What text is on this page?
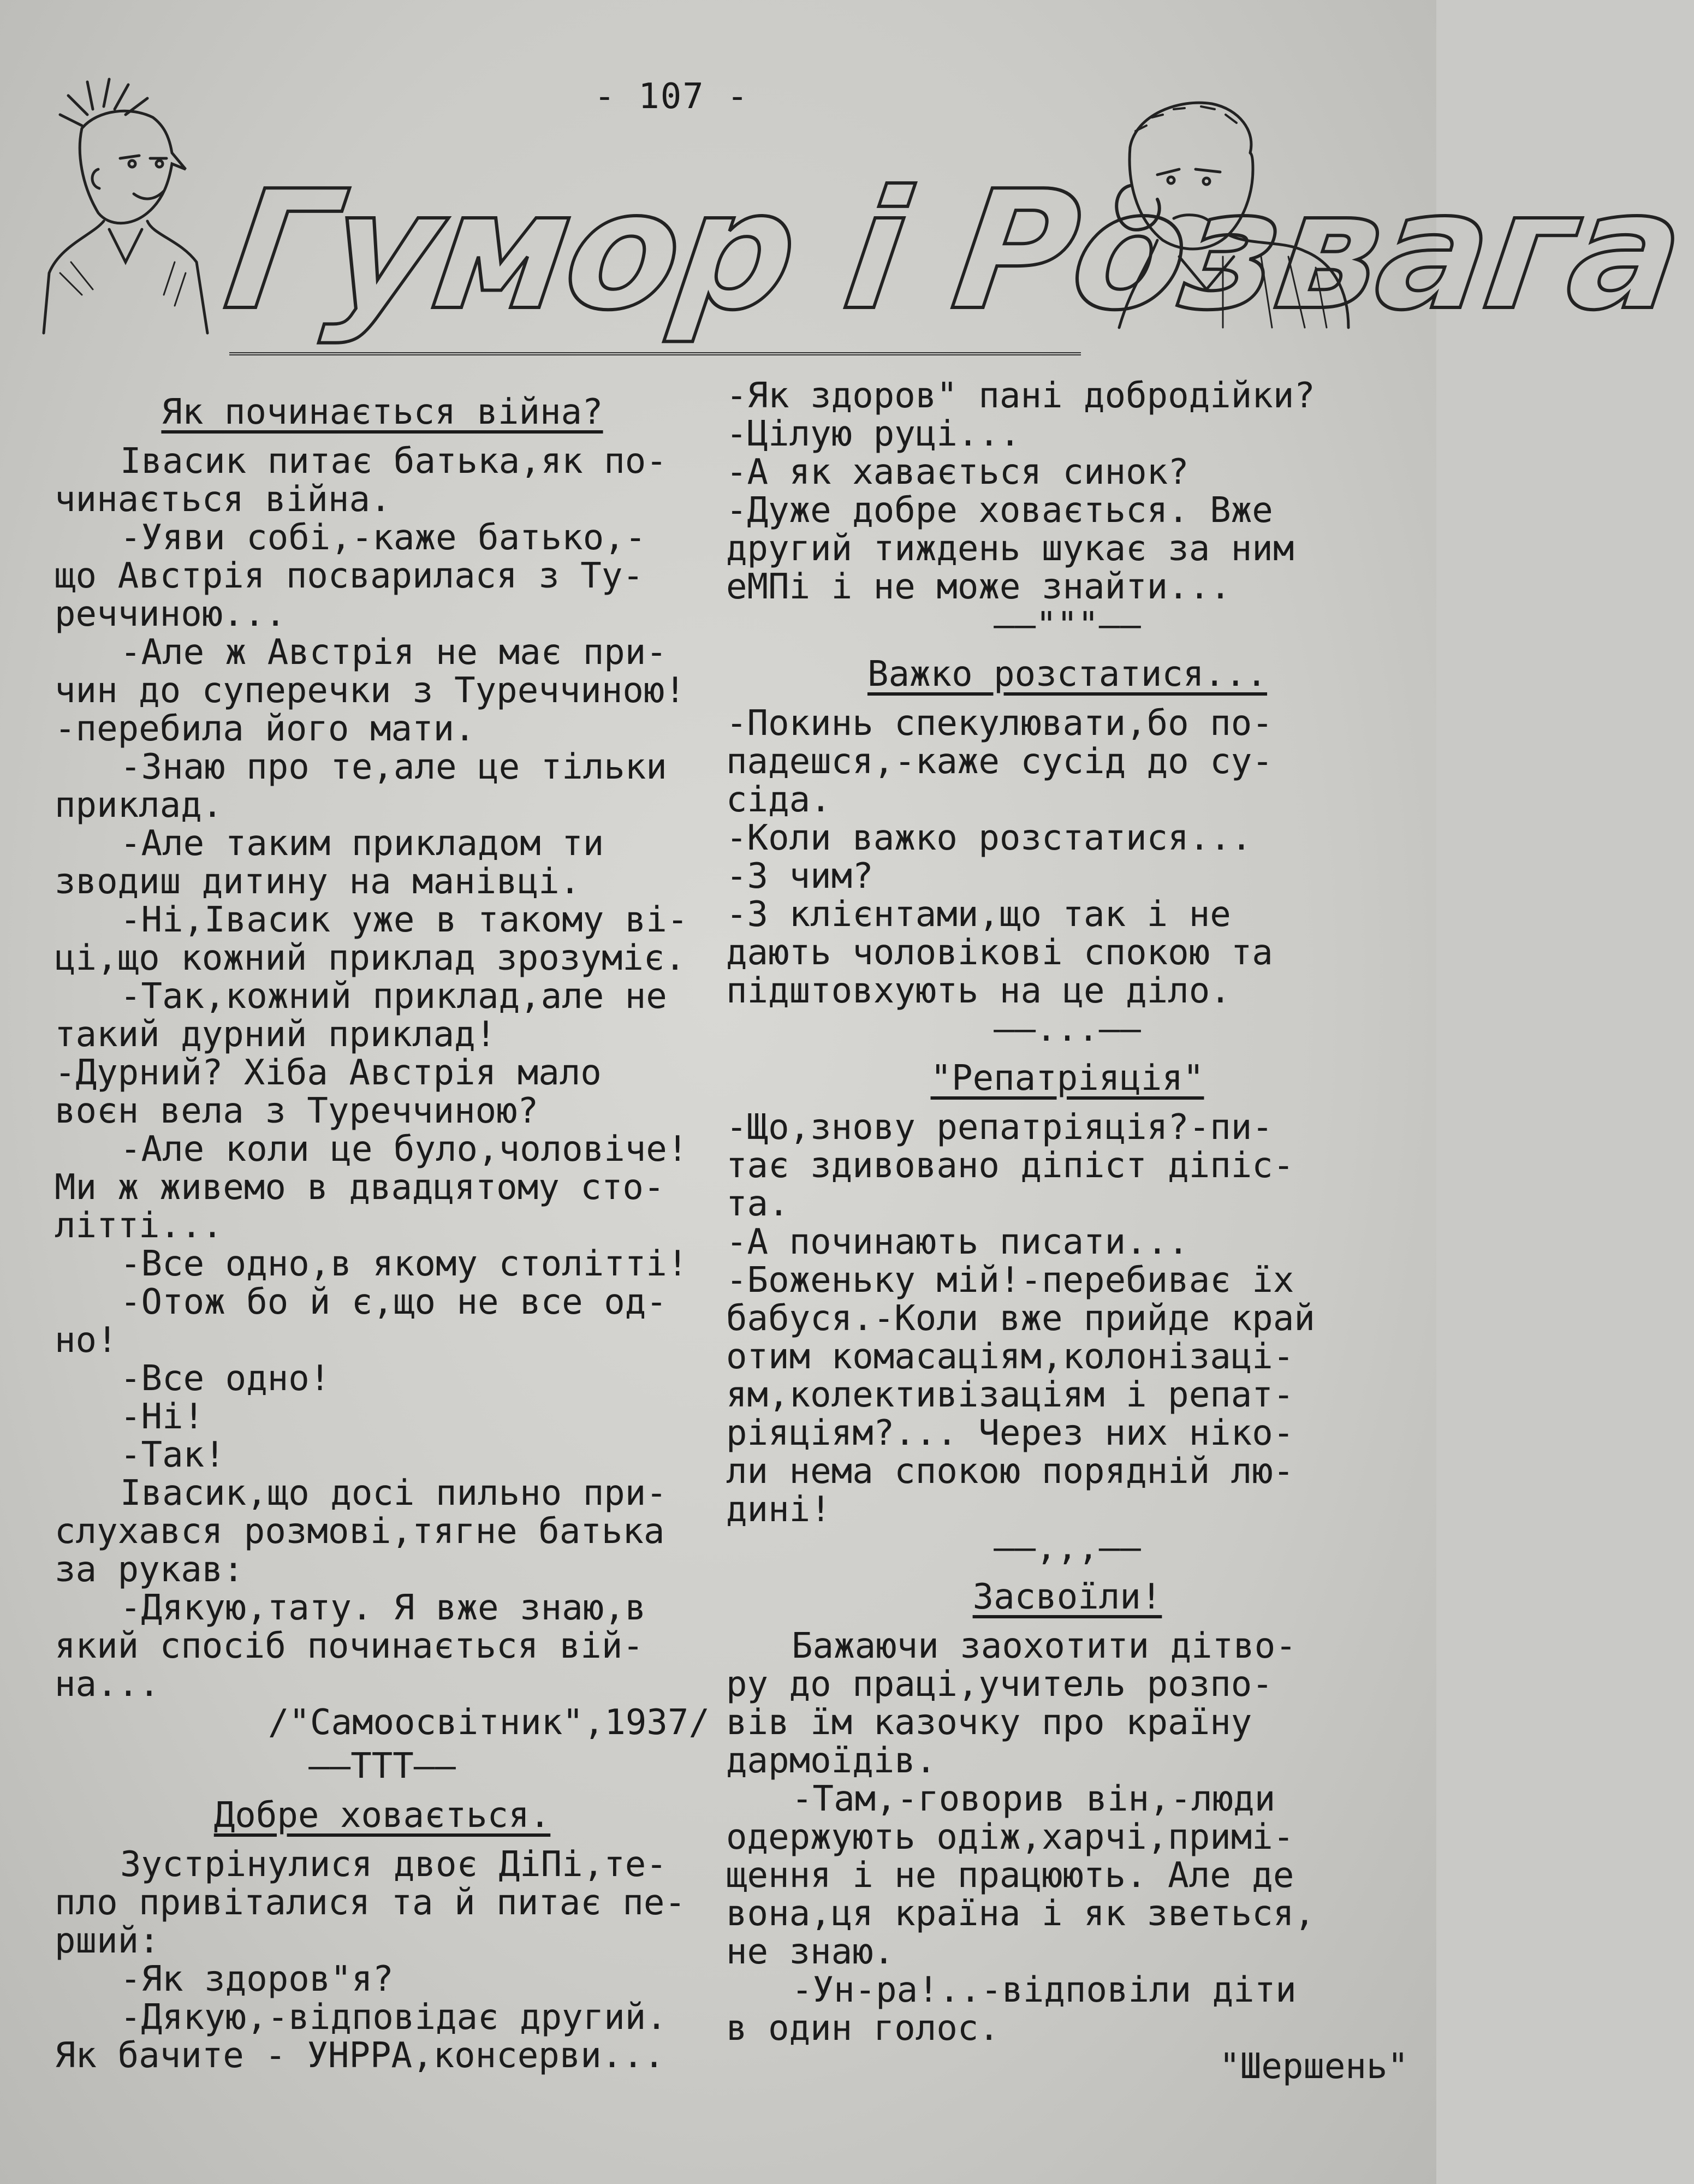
- 107 -
Гумор і Розвага
Як починається війна?
Івасик питає батька,як по-
чинається війна.
-Уяви собі,-каже батько,-
що Австрія посварилася з Ту-
реччиною...
-Але ж Австрія не має при-
чин до суперечки з Туреччиною!
-перебила його мати.
-Знаю про те,але це тільки
приклад.
-Але таким прикладом ти
зводиш дитину на манівці.
-Ні,Івасик уже в такому ві-
ці,що кожний приклад зрозуміє.
-Так,кожний приклад,але не
такий дурний приклад!
-Дурний? Хіба Австрія мало
воєн вела з Туреччиною?
-Але коли це було,чоловіче!
Ми ж живемо в двадцятому сто-
літті...
-Все одно,в якому столітті!
-Отож бо й є,що не все од-
но!
-Все одно!
-Ні!
-Так!
Івасик,що досі пильно при-
слухався розмові,тягне батька
за рукав:
-Дякую,тату. Я вже знаю,в
який спосіб починається вій-
на...
/"Самоосвітник",1937/
——ТТТ——
Добре ховається.
Зустрінулися двоє ДіПі,те-
пло привіталися та й питає пе-
рший:
-Як здоров"я?
-Дякую,-відповідає другий.
Як бачите - УНРРА,консерви...
-Як здоров" пані добродійки?
-Цілую руці...
-А як хавається синок?
-Дуже добре ховається. Вже
другий тиждень шукає за ним
еМПі і не може знайти...
——"""——
Важко розстатися...
-Покинь спекулювати,бо по-
падешся,-каже сусід до су-
сіда.
-Коли важко розстатися...
-З чим?
-З клієнтами,що так і не
дають чоловікові спокою та
підштовхують на це діло.
——...——
"Репатріяція"
-Що,знову репатріяція?-пи-
тає здивовано діпіст діпіс-
та.
-А починають писати...
-Боженьку мій!-перебиває їх
бабуся.-Коли вже прийде край
отим комасаціям,колонізаці-
ям,колективізаціям і репат-
ріяціям?... Через них ніко-
ли нема спокою порядній лю-
дині!
——,,,——
Засвоїли!
Бажаючи заохотити дітво-
ру до праці,учитель розпо-
вів їм казочку про країну
дармоїдів.
-Там,-говорив він,-люди
одержують одіж,харчі,примі-
щення і не працюють. Але де
вона,ця країна і як зветься,
не знаю.
-Ун-ра!..-відповіли діти
в один голос.
"Шершень"
